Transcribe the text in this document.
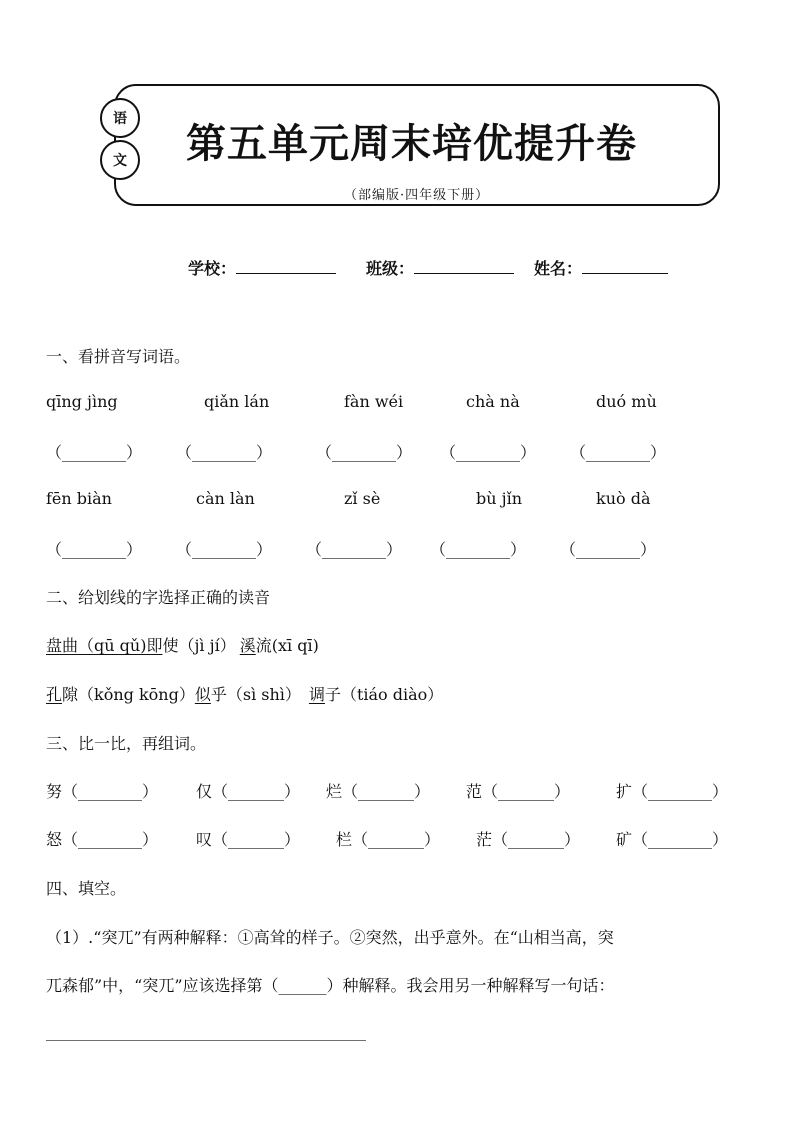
语
文 第五单元周末培优提升卷
（部编版·四年级下册）
学校：	班级：	姓名：
一、看拼音写词语。
qīng jìng	qiǎn lán	fàn wéi	chà nà	duó mù
（________） （________）	（________） （________） （________）
fēn biàn	càn làn	zǐ sè	bù jǐn	kuò dà
（________） （________） （________） （________） （________）
二、给划线的字选择正确的读音
盘曲（qū qǔ)即使（jì jí） 溪流(xī qī)
孔隙（kǒng kōng）似乎（sì shì） 调子（tiáo diào）
三、比一比，再组词。
努（________） 仅（_______） 烂（_______） 范（_______）	扩（________）
怒（________） 叹（_______） 栏（_______） 茫（_______） 矿（________）
四、填空。
（1）.“突兀”有两种解释：①高耸的样子。②突然，出乎意外。在“山相当高，突
兀森郁”中，“突兀”应该选择第（______）种解释。我会用另一种解释写一句话：
________________________________________
